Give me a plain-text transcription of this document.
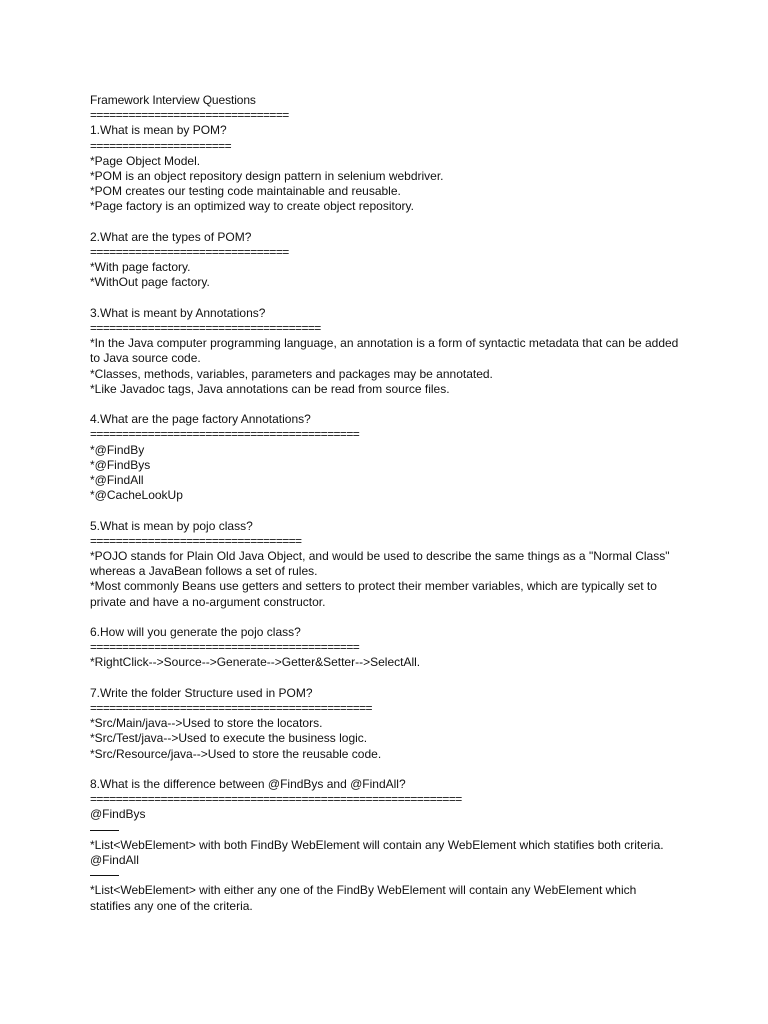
Framework Interview Questions
===============================
1.What is mean by POM?
======================
*Page Object Model.
*POM is an object repository design pattern in selenium webdriver.
*POM creates our testing code maintainable and reusable.
*Page factory is an optimized way to create object repository.
2.What are the types of POM?
===============================
*With page factory.
*WithOut page factory.
3.What is meant by Annotations?
====================================
*In the Java computer programming language, an annotation is a form of syntactic metadata that can be added to Java source code.
*Classes, methods, variables, parameters and packages may be annotated.
*Like Javadoc tags, Java annotations can be read from source files.
4.What are the page factory Annotations?
==========================================
*@FindBy
*@FindBys
*@FindAll
*@CacheLookUp
5.What is mean by pojo class?
=================================
*POJO stands for Plain Old Java Object, and would be used to describe the same things as a "Normal Class" whereas a JavaBean follows a set of rules.
*Most commonly Beans use getters and setters to protect their member variables, which are typically set to private and have a no-argument constructor.
6.How will you generate the pojo class?
==========================================
*RightClick-->Source-->Generate-->Getter&Setter-->SelectAll.
7.Write the folder Structure used in POM?
============================================
*Src/Main/java-->Used to store the locators.
*Src/Test/java-->Used to execute the business logic.
*Src/Resource/java-->Used to store the reusable code.
8.What is the difference between @FindBys and @FindAll?
==========================================================
@FindBys
*List<WebElement> with both FindBy WebElement will contain any WebElement which statifies both criteria.
@FindAll
*List<WebElement> with either any one of the FindBy WebElement will contain any WebElement which statifies any one of the criteria.
